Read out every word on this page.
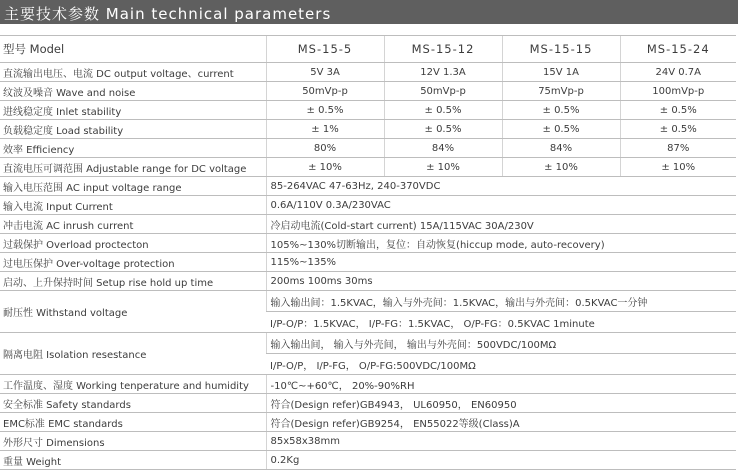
主要技术参数 Main technical parameters
型号 Model	MS-15-5	MS-15-12	MS-15-15	MS-15-24
直流输出电压、电流 DC output voltage、current	5V 3A	12V 1.3A	15V 1A	24V 0.7A
纹波及噪音 Wave and noise	50mVp-p	50mVp-p	75mVp-p	100mVp-p
进线稳定度 Inlet stability	± 0.5%	± 0.5%	± 0.5%	± 0.5%
负载稳定度 Load stability	± 1%	± 0.5%	± 0.5%	± 0.5%
效率 Efficiency	80%	84%	84%	87%
直流电压可调范围 Adjustable range for DC voltage	± 10%	± 10%	± 10%	± 10%
输入电压范围 AC input voltage range	85-264VAC 47-63Hz, 240-370VDC			
输入电流 Input Current	0.6A/110V 0.3A/230VAC			
冲击电流 AC inrush current	冷启动电流(Cold-start current) 15A/115VAC 30A/230V			
过载保护 Overload proctecton	105%~130%切断输出，复位：自动恢复(hiccup mode, auto-recovery)			
过电压保护 Over-voltage protection	115%~135%			
启动、上升保持时间 Setup rise hold up time	200ms 100ms 30ms			
耐压性 Withstand voltage	输入输出间：1.5KVAC，输入与外壳间：1.5KVAC，输出与外壳间：0.5KVAC一分钟			
	I/P-O/P：1.5KVAC， I/P-FG：1.5KVAC， O/P-FG：0.5KVAC 1minute			
隔离电阻 Isolation resestance	输入输出间， 输入与外壳间， 输出与外壳间：500VDC/100MΩ			
	I/P-O/P， I/P-FG， O/P-FG:500VDC/100MΩ			
工作温度、湿度 Working tenperature and humidity	-10℃~+60℃， 20%-90%RH			
安全标准 Safety standards	符合(Design refer)GB4943， UL60950， EN60950			
EMC标准 EMC standards	符合(Design refer)GB9254， EN55022等级(Class)A			
外形尺寸 Dimensions	85x58x38mm			
重量 Weight	0.2Kg			
